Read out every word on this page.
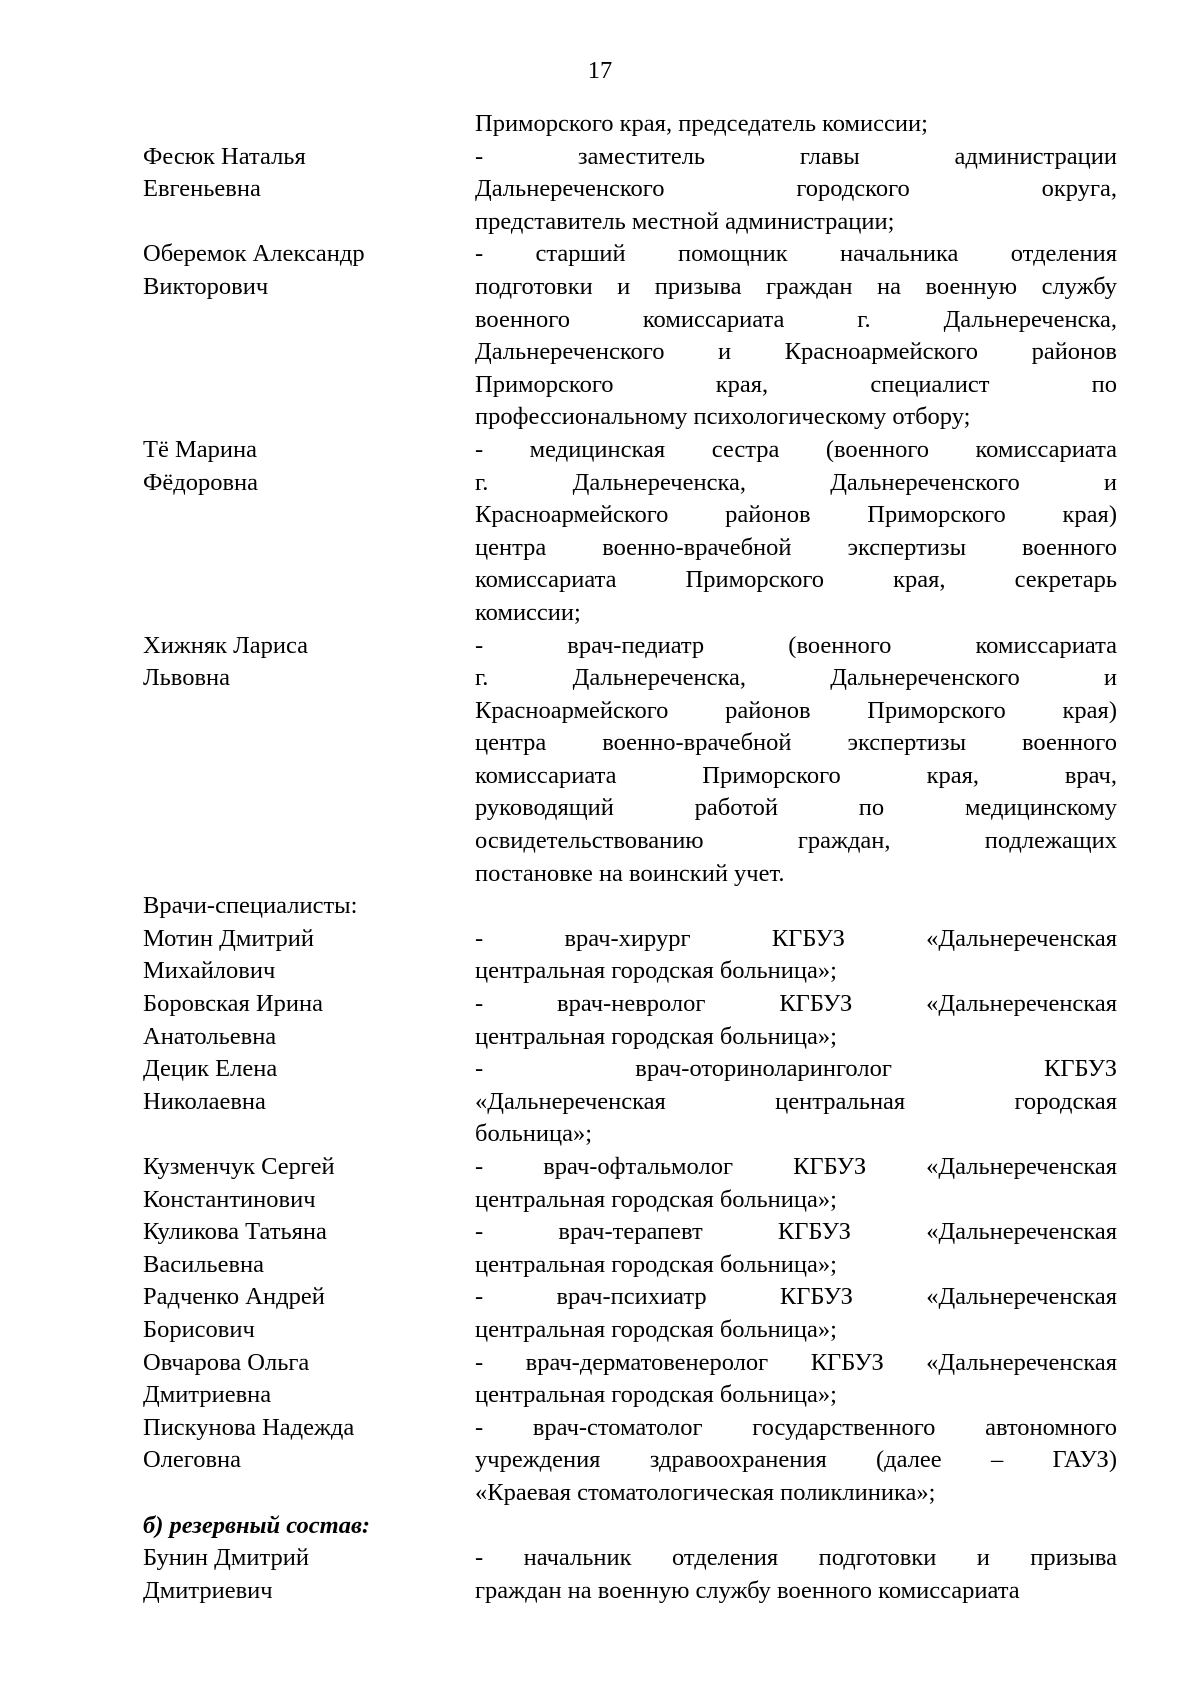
17
Приморского края, председатель комиссии;
Фесюк Наталья
Евгеньевна
- заместитель главы администрации
Дальнереченского городского округа,
представитель местной администрации;
Оберемок Александр
Викторович
- старший помощник начальника отделения
подготовки и призыва граждан на военную службу
военного комиссариата г. Дальнереченска,
Дальнереченского и Красноармейского районов
Приморского края, специалист по
профессиональному психологическому отбору;
Тё Марина
Фёдоровна
- медицинская сестра (военного комиссариата
г. Дальнереченска, Дальнереченского и
Красноармейского районов Приморского края)
центра военно-врачебной экспертизы военного
комиссариата Приморского края, секретарь
комиссии;
Хижняк Лариса
Львовна
- врач-педиатр (военного комиссариата
г. Дальнереченска, Дальнереченского и
Красноармейского районов Приморского края)
центра военно-врачебной экспертизы военного
комиссариата Приморского края, врач,
руководящий работой по медицинскому
освидетельствованию граждан, подлежащих
постановке на воинский учет.
Врачи-специалисты:
Мотин Дмитрий
Михайлович
- врач-хирург КГБУЗ «Дальнереченская
центральная городская больница»;
Боровская Ирина
Анатольевна
- врач-невролог КГБУЗ «Дальнереченская
центральная городская больница»;
Децик Елена
Николаевна
- врач-оториноларинголог КГБУЗ
«Дальнереченская центральная городская
больница»;
Кузменчук Сергей
Константинович
- врач-офтальмолог КГБУЗ «Дальнереченская
центральная городская больница»;
Куликова Татьяна
Васильевна
- врач-терапевт КГБУЗ «Дальнереченская
центральная городская больница»;
Радченко Андрей
Борисович
- врач-психиатр КГБУЗ «Дальнереченская
центральная городская больница»;
Овчарова Ольга
Дмитриевна
- врач-дерматовенеролог КГБУЗ «Дальнереченская
центральная городская больница»;
Пискунова Надежда
Олеговна
- врач-стоматолог государственного автономного
учреждения здравоохранения (далее – ГАУЗ)
«Краевая стоматологическая поликлиника»;
б) резервный состав:
Бунин Дмитрий
Дмитриевич
- начальник отделения подготовки и призыва
граждан на военную службу военного комиссариата
